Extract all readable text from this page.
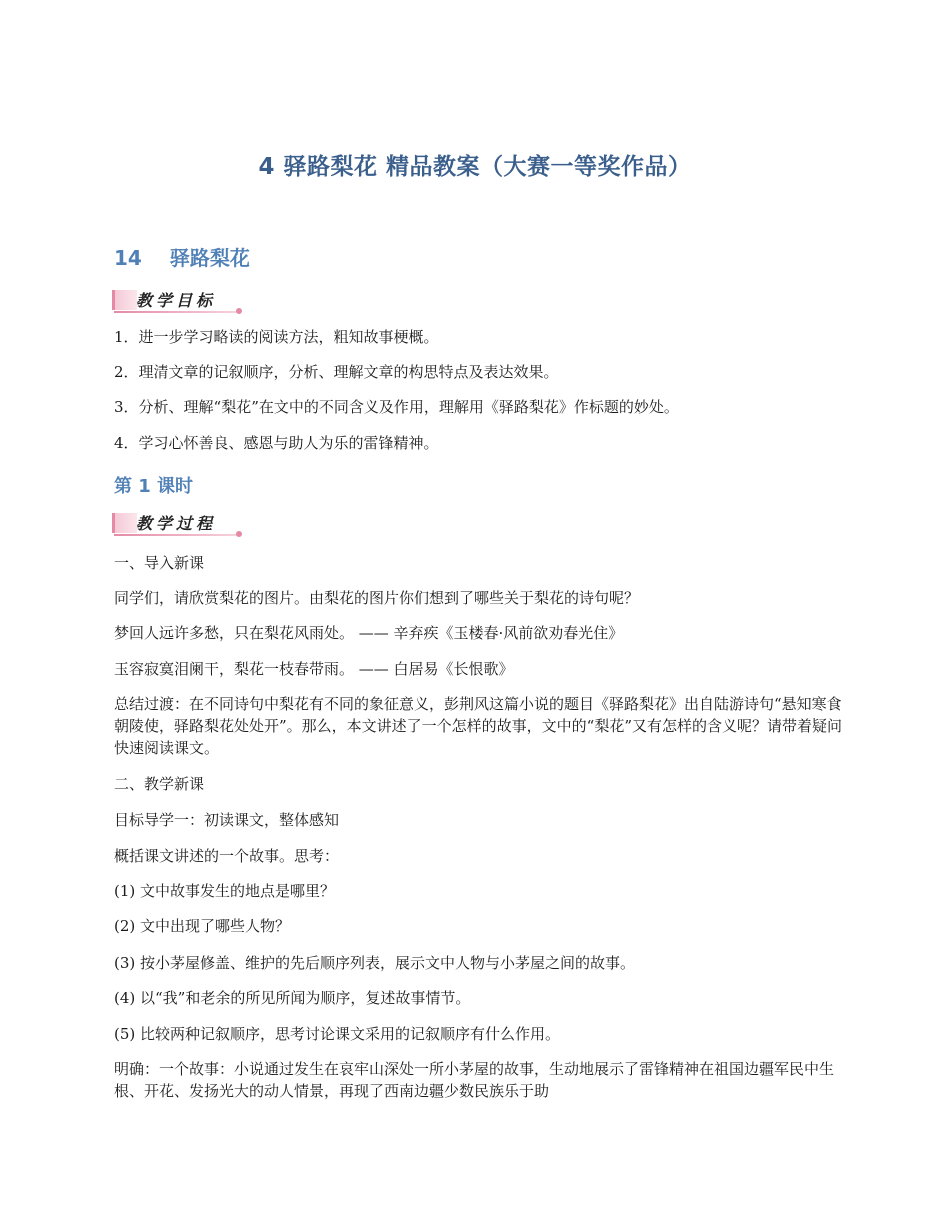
4 驿路梨花 精品教案（大赛一等奖作品）
14 驿路梨花
教学目标
1．进一步学习略读的阅读方法，粗知故事梗概。
2．理清文章的记叙顺序，分析、理解文章的构思特点及表达效果。
3．分析、理解“梨花”在文中的不同含义及作用，理解用《驿路梨花》作标题的妙处。
4．学习心怀善良、感恩与助人为乐的雷锋精神。
第 1 课时
教学过程
一、导入新课
同学们，请欣赏梨花的图片。由梨花的图片你们想到了哪些关于梨花的诗句呢？
梦回人远许多愁，只在梨花风雨处。 —— 辛弃疾《玉楼春·风前欲劝春光住》
玉容寂寞泪阑干，梨花一枝春带雨。 —— 白居易《长恨歌》
总结过渡：在不同诗句中梨花有不同的象征意义，彭荆风这篇小说的题目《驿路梨花》出自陆游诗句“悬知寒食朝陵使，驿路梨花处处开”。那么，本文讲述了一个怎样的故事，文中的“梨花”又有怎样的含义呢？请带着疑问快速阅读课文。
二、教学新课
目标导学一：初读课文，整体感知
概括课文讲述的一个故事。思考：
(1) 文中故事发生的地点是哪里？
(2) 文中出现了哪些人物？
(3) 按小茅屋修盖、维护的先后顺序列表，展示文中人物与小茅屋之间的故事。
(4) 以“我”和老余的所见所闻为顺序，复述故事情节。
(5) 比较两种记叙顺序，思考讨论课文采用的记叙顺序有什么作用。
明确：一个故事：小说通过发生在哀牢山深处一所小茅屋的故事，生动地展示了雷锋精神在祖国边疆军民中生根、开花、发扬光大的动人情景，再现了西南边疆少数民族乐于助
